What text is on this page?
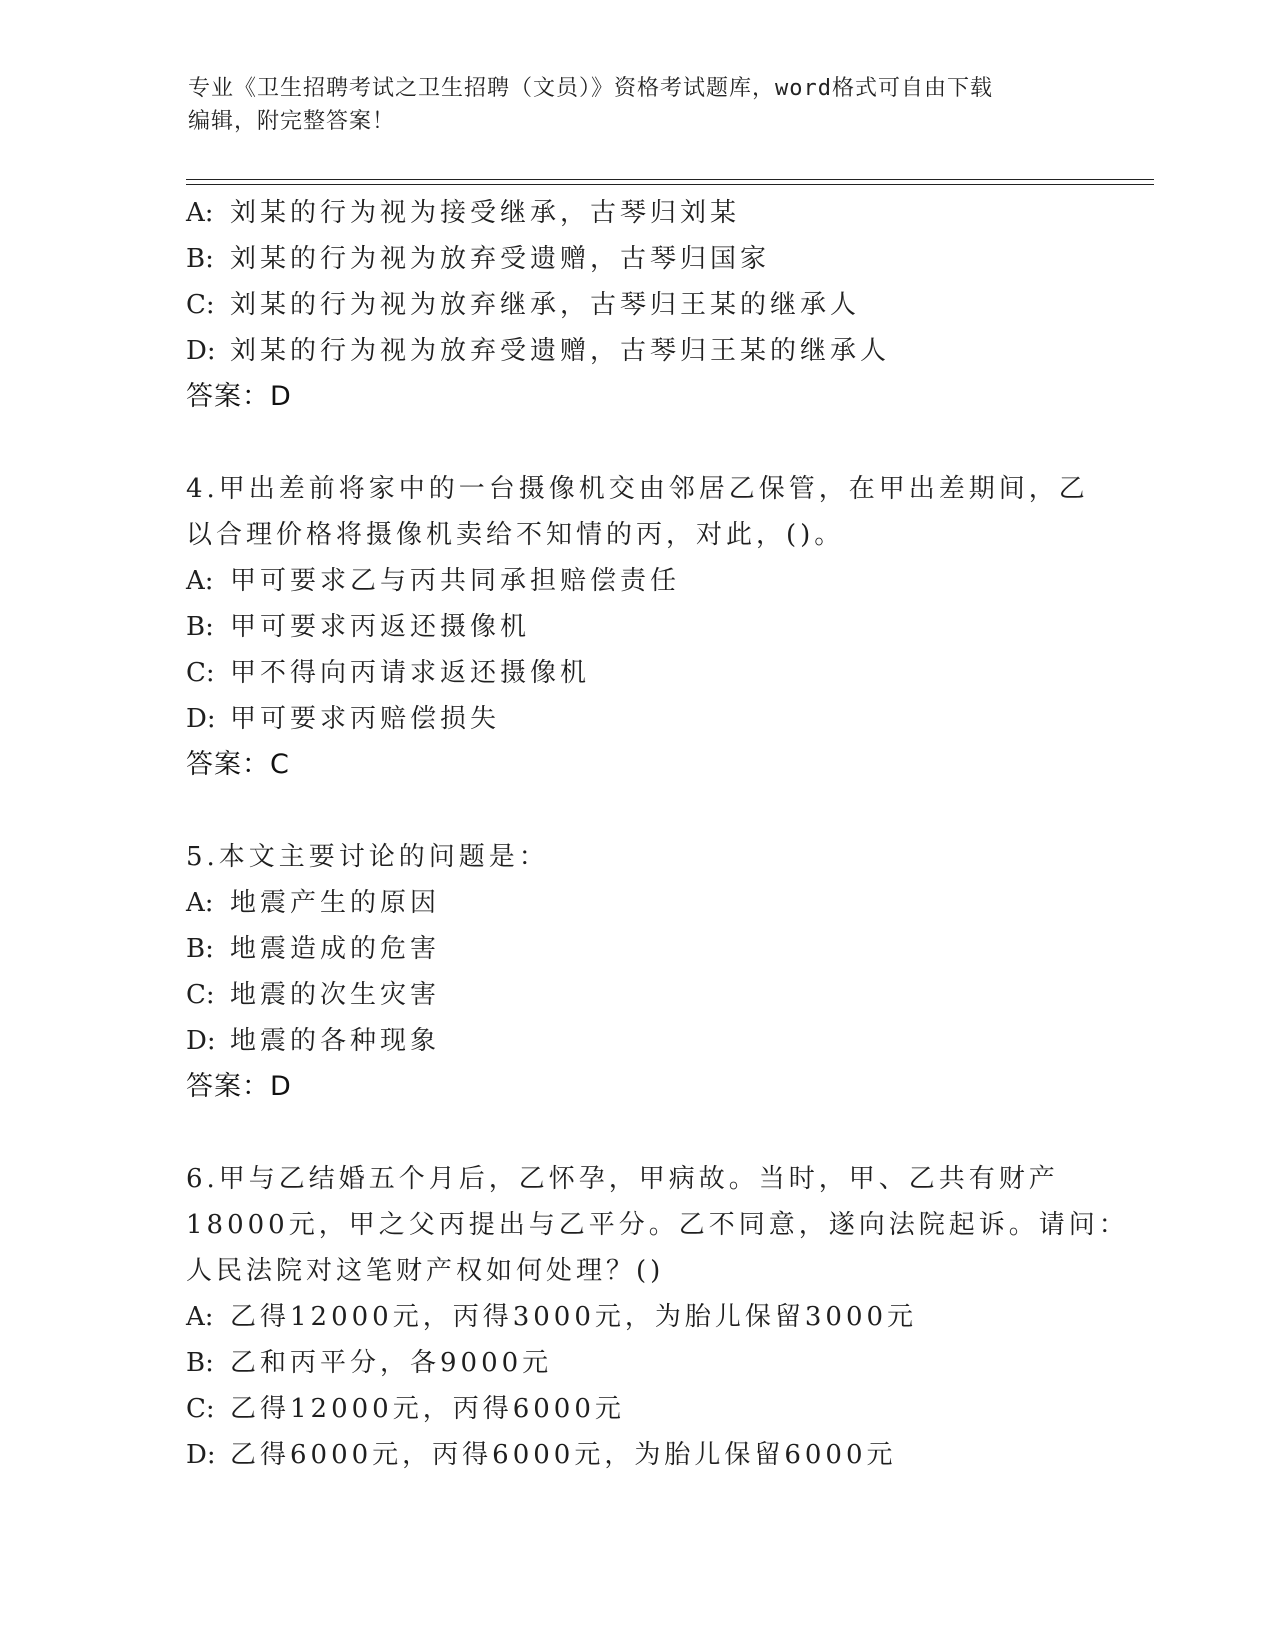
专业《卫生招聘考试之卫生招聘（文员）》资格考试题库，word格式可自由下载
编辑，附完整答案！
A: 刘某的行为视为接受继承，古琴归刘某
B: 刘某的行为视为放弃受遗赠，古琴归国家
C: 刘某的行为视为放弃继承，古琴归王某的继承人
D: 刘某的行为视为放弃受遗赠，古琴归王某的继承人
答案：D
4.甲出差前将家中的一台摄像机交由邻居乙保管，在甲出差期间，乙
以合理价格将摄像机卖给不知情的丙，对此，()。
A: 甲可要求乙与丙共同承担赔偿责任
B: 甲可要求丙返还摄像机
C: 甲不得向丙请求返还摄像机
D: 甲可要求丙赔偿损失
答案：C
5.本文主要讨论的问题是：
A: 地震产生的原因
B: 地震造成的危害
C: 地震的次生灾害
D: 地震的各种现象
答案：D
6.甲与乙结婚五个月后，乙怀孕，甲病故。当时，甲、乙共有财产
18000元，甲之父丙提出与乙平分。乙不同意，遂向法院起诉。请问：
人民法院对这笔财产权如何处理？()
A: 乙得12000元，丙得3000元，为胎儿保留3000元
B: 乙和丙平分，各9000元
C: 乙得12000元，丙得6000元
D: 乙得6000元，丙得6000元，为胎儿保留6000元
